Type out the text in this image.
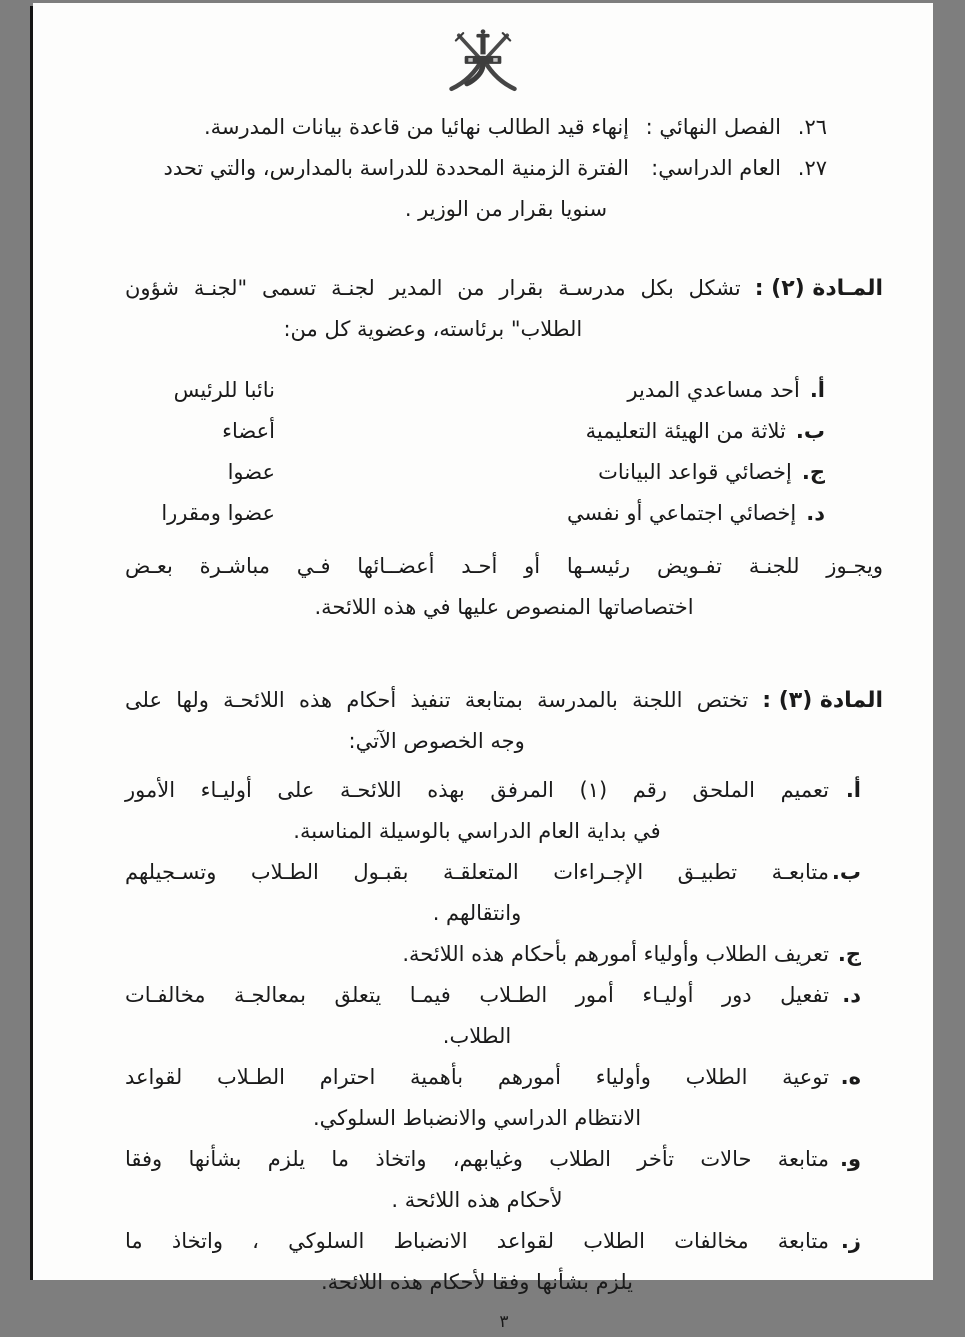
٢٦.
الفصل النهائي :
إنهاء قيد الطالب نهائيا من قاعدة بيانات المدرسة.
٢٧.
العام الدراسي:
الفترة الزمنية المحددة للدراسة بالمدارس، والتي تحدد
سنويا بقرار من الوزير .
المـادة (٢) :
تشكل بكل مدرسـة بقرار من المدير لجنـة تسمى "لجنـة شؤون
الطلاب" برئاسته، وعضوية كل من:
أ.أحد مساعدي المدير
نائبا للرئيس
ب.ثلاثة من الهيئة التعليمية
أعضاء
ج.إخصائي قواعد البيانات
عضوا
د.إخصائي اجتماعي أو نفسي
عضوا ومقررا
ويجـوز للجنـة تفـويض رئيسـها أو أحـد أعضــائها فـي مباشـرة بعـض
اختصاصاتها المنصوص عليها في هذه اللائحة.
المادة (٣) :
تختص اللجنة بالمدرسة بمتابعة تنفيذ أحكام هذه اللائحـة ولها على
وجه الخصوص الآتي:
أ.
تعميم الملحق رقم (١) المرفق بهذه اللائحـة على أوليـاء الأمور
في بداية العام الدراسي بالوسيلة المناسبة.
ب.
متابعـة تطبيـق الإجـراءات المتعلقـة بقبـول الطـلاب وتسـجيلهم
وانتقالهم .
ج.
تعريف الطلاب وأولياء أمورهم بأحكام هذه اللائحة.
د.
تفعيل دور أوليـاء أمور الطـلاب فيمـا يتعلق بمعالجـة مخالفـات
الطلاب.
ه.
توعية الطلاب وأولياء أمورهم بأهمية احترام الطـلاب لقواعد
الانتظام الدراسي والانضباط السلوكي.
و.
متابعة حالات تأخر الطلاب وغيابهم، واتخاذ ما يلزم بشأنها وفقا
لأحكام هذه اللائحة .
ز.
متابعة مخالفات الطلاب لقواعد الانضباط السلوكي ، واتخاذ ما
يلزم بشأنها وفقا لأحكام هذه اللائحة.
٣
